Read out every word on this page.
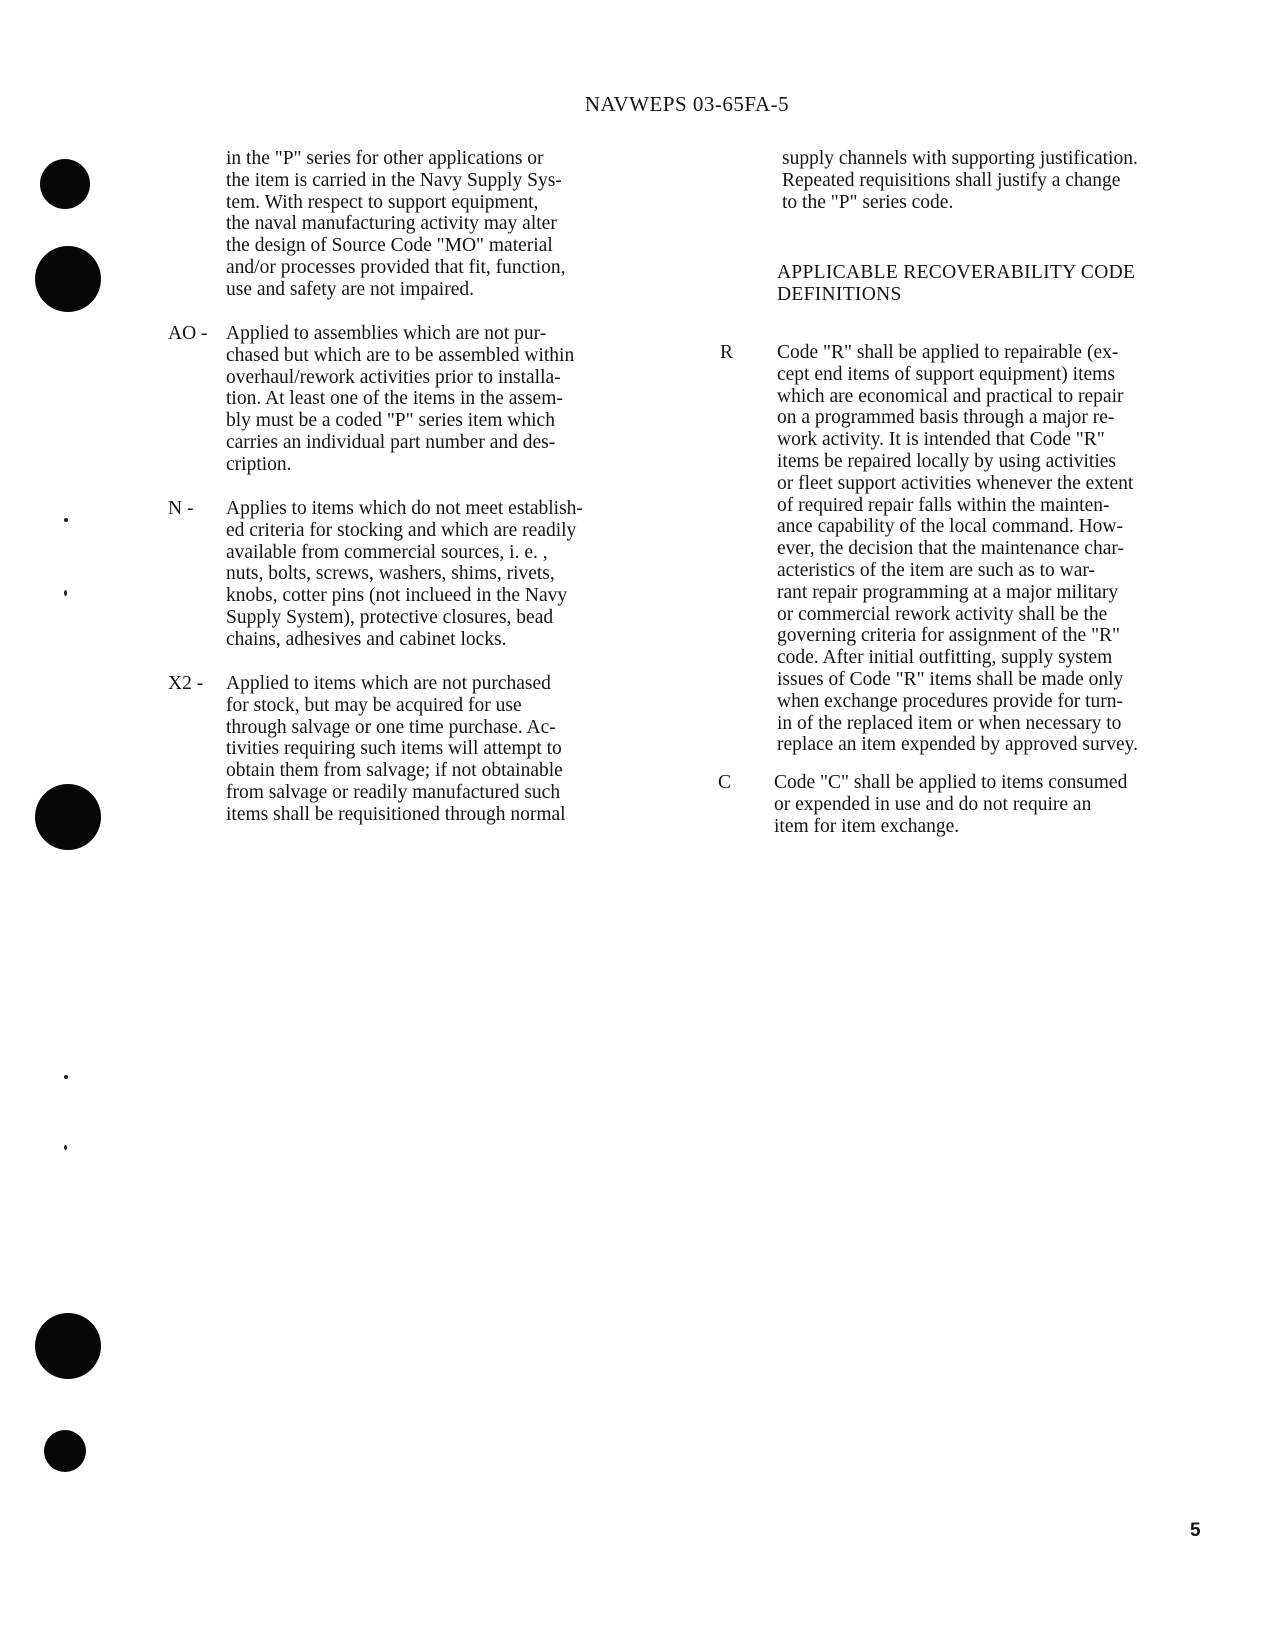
NAVWEPS 03-65FA-5
in the "P" series for other applications or
the item is carried in the Navy Supply Sys-
tem. With respect to support equipment,
the naval manufacturing activity may alter
the design of Source Code "MO" material
and/or processes provided that fit, function,
use and safety are not impaired.
AO - Applied to assemblies which are not pur-
chased but which are to be assembled within
overhaul/rework activities prior to installa-
tion. At least one of the items in the assem-
bly must be a coded "P" series item which
carries an individual part number and des-
cription.
N - Applies to items which do not meet establish-
ed criteria for stocking and which are readily
available from commercial sources, i. e. ,
nuts, bolts, screws, washers, shims, rivets,
knobs, cotter pins (not inclueed in the Navy
Supply System), protective closures, bead
chains, adhesives and cabinet locks.
X2 - Applied to items which are not purchased
for stock, but may be acquired for use
through salvage or one time purchase. Ac-
tivities requiring such items will attempt to
obtain them from salvage; if not obtainable
from salvage or readily manufactured such
items shall be requisitioned through normal
supply channels with supporting justification.
Repeated requisitions shall justify a change
to the "P" series code.
APPLICABLE RECOVERABILITY CODE
DEFINITIONS
R Code "R" shall be applied to repairable (ex-
cept end items of support equipment) items
which are economical and practical to repair
on a programmed basis through a major re-
work activity. It is intended that Code "R"
items be repaired locally by using activities
or fleet support activities whenever the extent
of required repair falls within the mainten-
ance capability of the local command. How-
ever, the decision that the maintenance char-
acteristics of the item are such as to war-
rant repair programming at a major military
or commercial rework activity shall be the
governing criteria for assignment of the "R"
code. After initial outfitting, supply system
issues of Code "R" items shall be made only
when exchange procedures provide for turn-
in of the replaced item or when necessary to
replace an item expended by approved survey.
C Code "C" shall be applied to items consumed
or expended in use and do not require an
item for item exchange.
5
